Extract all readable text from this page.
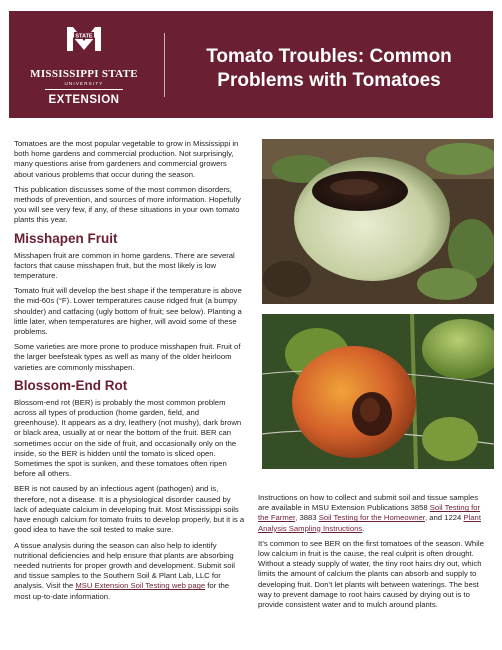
STATE
MISSISSIPPI STATE
UNIVERSITY
EXTENSION
Tomato Troubles: Common
Problems with Tomatoes

Tomatoes are the most popular vegetable to grow in Mississippi in both home gardens and commercial production. Not surprisingly, many questions arise from gardeners and commercial growers about various problems that occur during the season.

This publication discusses some of the most common disorders, methods of prevention, and sources of more information. Hopefully you will see very few, if any, of these situations in your own tomato plants this year.

Misshapen Fruit

Misshapen fruit are common in home gardens. There are several factors that cause misshapen fruit, but the most likely is low temperature.

Tomato fruit will develop the best shape if the temperature is above the mid-60s (°F). Lower temperatures cause ridged fruit (a bumpy shoulder) and catfacing (ugly bottom of fruit; see below). Planting a little later, when temperatures are higher, will avoid some of these problems.

Some varieties are more prone to produce misshapen fruit. Fruit of the larger beefsteak types as well as many of the older heirloom varieties are commonly misshapen.

Blossom-End Rot

Blossom-end rot (BER) is probably the most common problem across all types of production (home garden, field, and greenhouse). It appears as a dry, leathery (not mushy), dark brown or black area, usually at or near the bottom of the fruit. BER can sometimes occur on the side of fruit, and occasionally only on the inside, so the BER is hidden until the tomato is sliced open. Sometimes the spot is sunken, and these tomatoes often ripen before all others.

BER is not caused by an infectious agent (pathogen) and is, therefore, not a disease. It is a physiological disorder caused by lack of adequate calcium in developing fruit. Most Mississippi soils have enough calcium for tomato fruits to develop properly, but it is a good idea to have the soil tested to make sure.

A tissue analysis during the season can also help to identify nutritional deficiencies and help ensure that plants are absorbing needed nutrients for proper growth and development. Submit soil and tissue samples to the Southern Soil & Plant Lab, LLC for analysis. Visit the MSU Extension Soil Testing web page for the most up-to-date information.

Instructions on how to collect and submit soil and tissue samples are available in MSU Extension Publications 3858 Soil Testing for the Farmer, 3883 Soil Testing for the Homeowner, and 1224 Plant Analysis Sampling Instructions.

It’s common to see BER on the first tomatoes of the season. While low calcium in fruit is the cause, the real culprit is often drought. Without a steady supply of water, the tiny root hairs dry out, which limits the amount of calcium the plants can absorb and supply to developing fruit. Don’t let plants wilt between waterings. The best way to prevent damage to root hairs caused by drying out is to provide consistent water and to mulch around plants.
